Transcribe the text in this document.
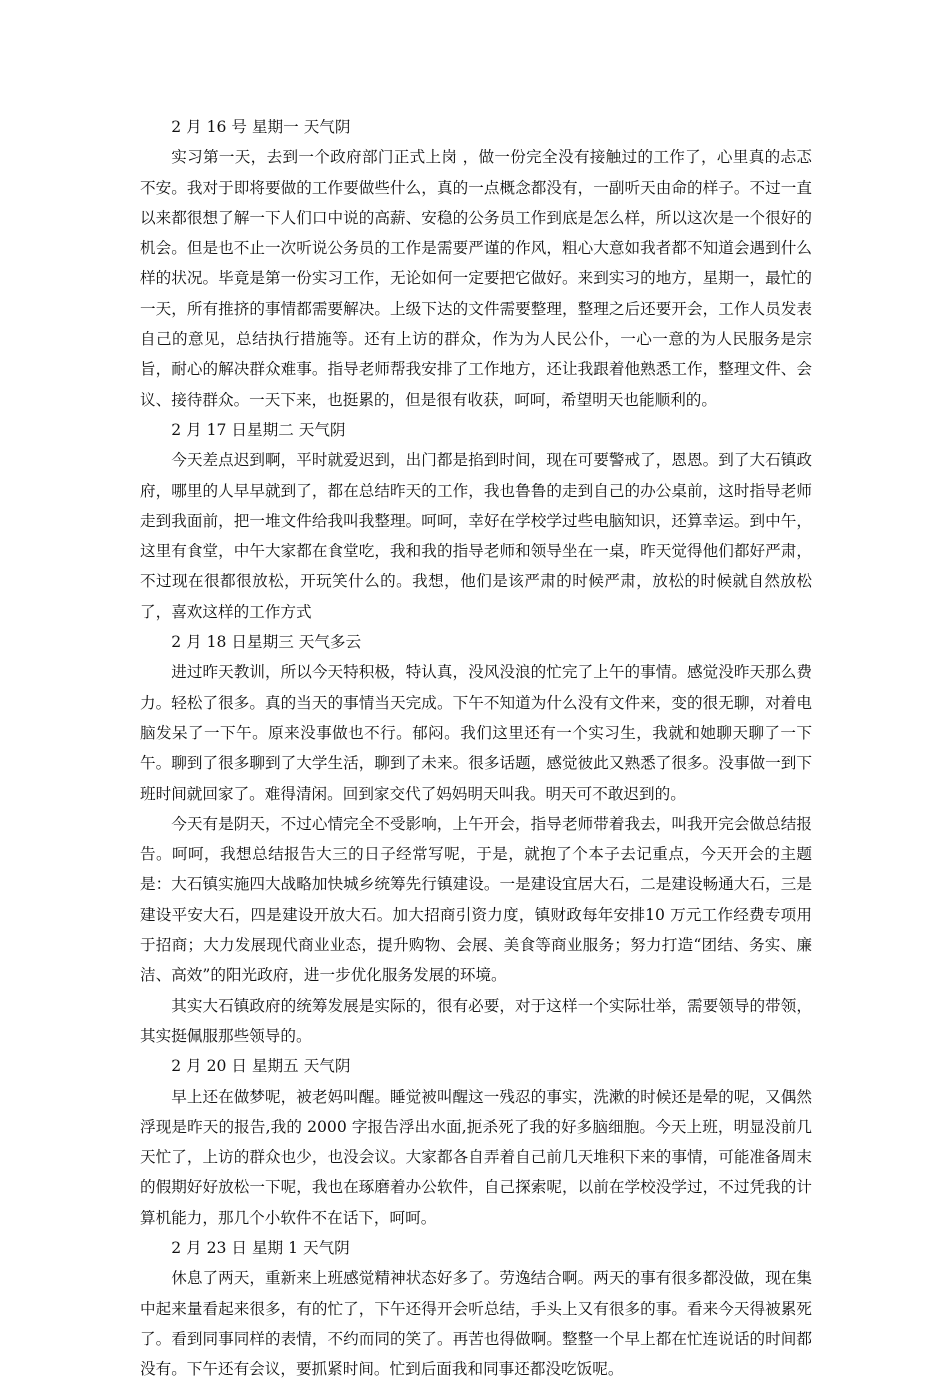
2 月 16 号 星期一 天气阴

实习第一天，去到一个政府部门正式上岗 ，做一份完全没有接触过的工作了，心里真的忐忑不安。我对于即将要做的工作要做些什么，真的一点概念都没有，一副听天由命的样子。不过一直以来都很想了解一下人们口中说的高薪、安稳的公务员工作到底是怎么样，所以这次是一个很好的机会。但是也不止一次听说公务员的工作是需要严谨的作风，粗心大意如我者都不知道会遇到什么样的状况。毕竟是第一份实习工作，无论如何一定要把它做好。来到实习的地方，星期一，最忙的一天，所有推挤的事情都需要解决。上级下达的文件需要整理，整理之后还要开会，工作人员发表自己的意见，总结执行措施等。还有上访的群众，作为为人民公仆，一心一意的为人民服务是宗旨，耐心的解决群众难事。指导老师帮我安排了工作地方，还让我跟着他熟悉工作，整理文件、会议、接待群众。一天下来，也挺累的，但是很有收获，呵呵，希望明天也能顺利的。

2 月 17 日星期二 天气阴

今天差点迟到啊，平时就爱迟到，出门都是掐到时间，现在可要警戒了，恩恩。到了大石镇政府，哪里的人早早就到了，都在总结昨天的工作，我也鲁鲁的走到自己的办公桌前，这时指导老师走到我面前，把一堆文件给我叫我整理。呵呵，幸好在学校学过些电脑知识，还算幸运。到中午，这里有食堂，中午大家都在食堂吃，我和我的指导老师和领导坐在一桌，昨天觉得他们都好严肃，不过现在很都很放松，开玩笑什么的。我想，他们是该严肃的时候严肃，放松的时候就自然放松了，喜欢这样的工作方式

2 月 18 日星期三 天气多云

进过昨天教训，所以今天特积极，特认真，没风没浪的忙完了上午的事情。感觉没昨天那么费力。轻松了很多。真的当天的事情当天完成。下午不知道为什么没有文件来，变的很无聊，对着电脑发呆了一下午。原来没事做也不行。郁闷。我们这里还有一个实习生，我就和她聊天聊了一下午。聊到了很多聊到了大学生活，聊到了未来。很多话题，感觉彼此又熟悉了很多。没事做一到下班时间就回家了。难得清闲。回到家交代了妈妈明天叫我。明天可不敢迟到的。

今天有是阴天，不过心情完全不受影响，上午开会，指导老师带着我去，叫我开完会做总结报告。呵呵，我想总结报告大三的日子经常写呢，于是，就抱了个本子去记重点，今天开会的主题是：大石镇实施四大战略加快城乡统筹先行镇建设。一是建设宜居大石，二是建设畅通大石，三是建设平安大石，四是建设开放大石。加大招商引资力度，镇财政每年安排10 万元工作经费专项用于招商；大力发展现代商业业态，提升购物、会展、美食等商业服务；努力打造“团结、务实、廉洁、高效”的阳光政府，进一步优化服务发展的环境。

其实大石镇政府的统筹发展是实际的，很有必要，对于这样一个实际壮举，需要领导的带领，其实挺佩服那些领导的。

2 月 20 日 星期五 天气阴

早上还在做梦呢，被老妈叫醒。睡觉被叫醒这一残忍的事实，洗漱的时候还是晕的呢，又偶然浮现是昨天的报告,我的 2000 字报告浮出水面,扼杀死了我的好多脑细胞。今天上班，明显没前几天忙了，上访的群众也少，也没会议。大家都各自弄着自己前几天堆积下来的事情，可能准备周末的假期好好放松一下呢，我也在琢磨着办公软件，自己探索呢，以前在学校没学过，不过凭我的计算机能力，那几个小软件不在话下，呵呵。

2 月 23 日 星期 1 天气阴

休息了两天，重新来上班感觉精神状态好多了。劳逸结合啊。两天的事有很多都没做，现在集中起来量看起来很多，有的忙了，下午还得开会听总结，手头上又有很多的事。看来今天得被累死了。看到同事同样的表情，不约而同的笑了。再苦也得做啊。整整一个早上都在忙连说话的时间都没有。下午还有会议，要抓紧时间。忙到后面我和同事还都没吃饭呢。
